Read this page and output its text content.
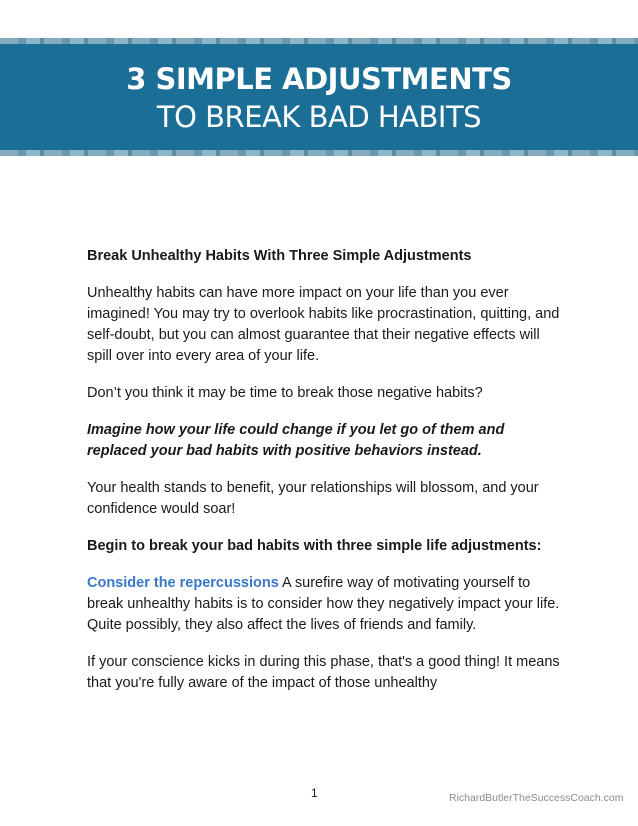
3 SIMPLE ADJUSTMENTS
TO BREAK BAD HABITS

Break Unhealthy Habits With Three Simple Adjustments

Unhealthy habits can have more impact on your life than you ever imagined! You may try to overlook habits like procrastination, quitting, and self-doubt, but you can almost guarantee that their negative effects will spill over into every area of your life.

Don’t you think it may be time to break those negative habits?

Imagine how your life could change if you let go of them and replaced your bad habits with positive behaviors instead.

Your health stands to benefit, your relationships will blossom, and your confidence would soar!

Begin to break your bad habits with three simple life adjustments:

Consider the repercussions A surefire way of motivating yourself to break unhealthy habits is to consider how they negatively impact your life. Quite possibly, they also affect the lives of friends and family.

If your conscience kicks in during this phase, that's a good thing! It means that you're fully aware of the impact of those unhealthy

1	RichardButlerTheSuccessCoach.com
